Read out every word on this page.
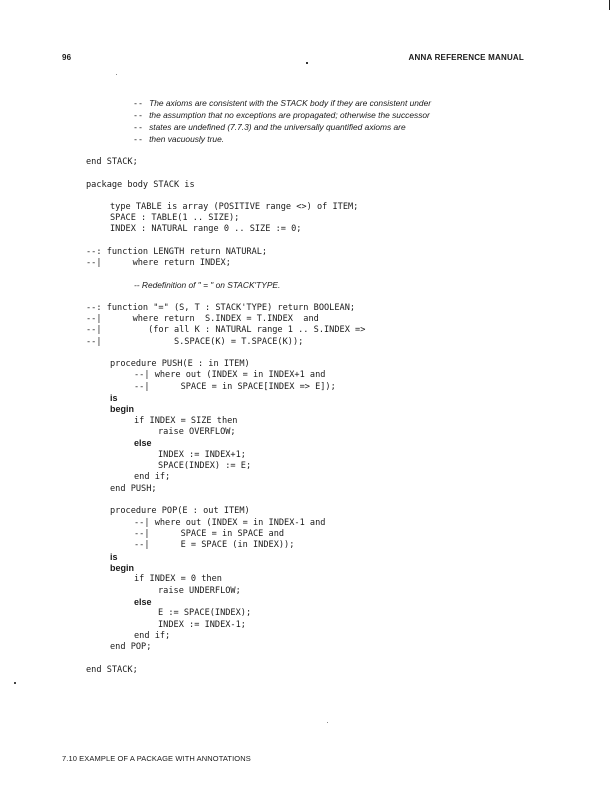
96	ANNA REFERENCE MANUAL
-- The axioms are consistent with the STACK body if they are consistent under
-- the assumption that no exceptions are propagated; otherwise the successor
-- states are undefined (7.7.3) and the universally quantified axioms are
-- then vacuously true.
end STACK;
package body STACK is
type TABLE is array (POSITIVE range <>) of ITEM;
SPACE : TABLE(1 .. SIZE);
INDEX : NATURAL range 0 .. SIZE := 0;
--: function LENGTH return NATURAL;
--|      where return INDEX;
-- Redefinition of " = " on STACK'TYPE.
--: function "=" (S, T : STACK'TYPE) return BOOLEAN;
--|      where return  S.INDEX = T.INDEX  and
--|         (for all K : NATURAL range 1 .. S.INDEX =>
--|              S.SPACE(K) = T.SPACE(K));
procedure PUSH(E : in ITEM)
--| where out (INDEX = in INDEX+1 and
--|      SPACE = in SPACE[INDEX => E]);
is
begin
if INDEX = SIZE then
raise OVERFLOW;
else
INDEX := INDEX+1;
SPACE(INDEX) := E;
end if;
end PUSH;
procedure POP(E : out ITEM)
--| where out (INDEX = in INDEX-1 and
--|      SPACE = in SPACE and
--|      E = SPACE (in INDEX));
is
begin
if INDEX = 0 then
raise UNDERFLOW;
else
E := SPACE(INDEX);
INDEX := INDEX-1;
end if;
end POP;
end STACK;
7.10 EXAMPLE OF A PACKAGE WITH ANNOTATIONS
